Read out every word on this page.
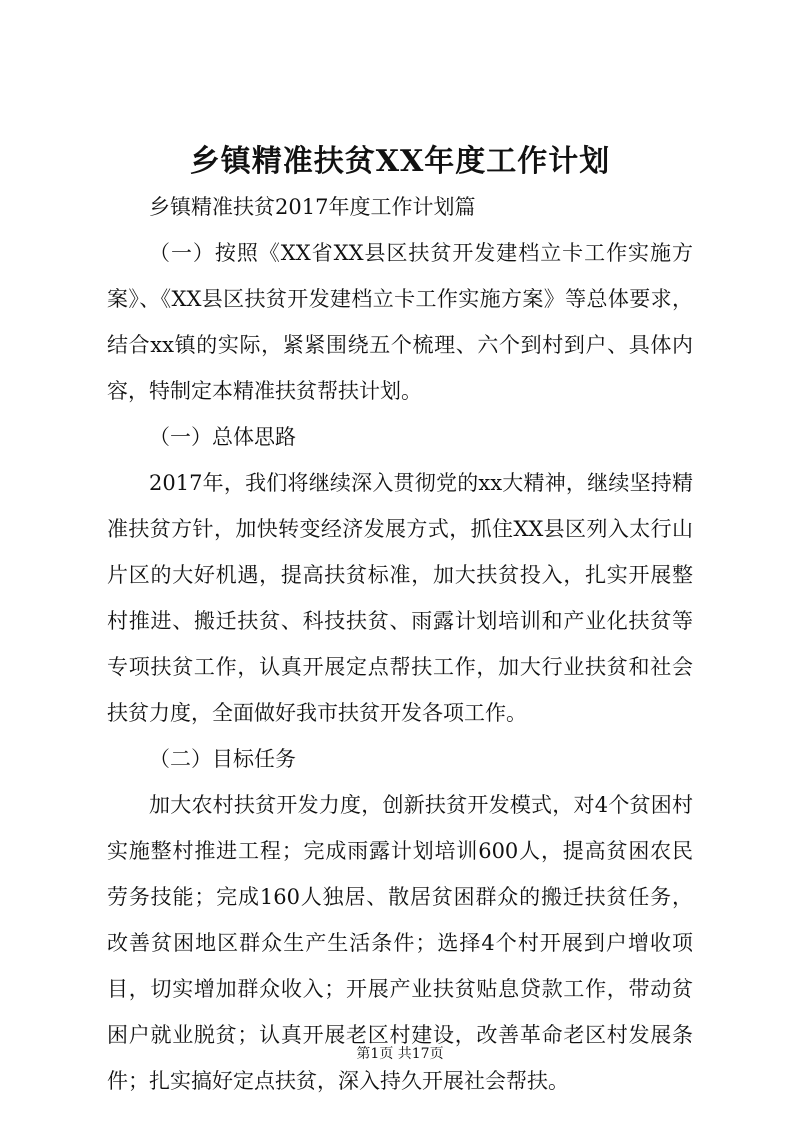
乡镇精准扶贫XX年度工作计划

乡镇精准扶贫2017年度工作计划篇

（一）按照《XX省XX县区扶贫开发建档立卡工作实施方案》、《XX县区扶贫开发建档立卡工作实施方案》等总体要求，结合xx镇的实际，紧紧围绕五个梳理、六个到村到户、具体内容，特制定本精准扶贫帮扶计划。

（一）总体思路

2017年，我们将继续深入贯彻党的xx大精神，继续坚持精准扶贫方针，加快转变经济发展方式，抓住XX县区列入太行山片区的大好机遇，提高扶贫标准，加大扶贫投入，扎实开展整村推进、搬迁扶贫、科技扶贫、雨露计划培训和产业化扶贫等专项扶贫工作，认真开展定点帮扶工作，加大行业扶贫和社会扶贫力度，全面做好我市扶贫开发各项工作。

（二）目标任务

加大农村扶贫开发力度，创新扶贫开发模式，对4个贫困村实施整村推进工程；完成雨露计划培训600人，提高贫困农民劳务技能；完成160人独居、散居贫困群众的搬迁扶贫任务，改善贫困地区群众生产生活条件；选择4个村开展到户增收项目，切实增加群众收入；开展产业扶贫贴息贷款工作，带动贫困户就业脱贫；认真开展老区村建设，改善革命老区村发展条件；扎实搞好定点扶贫，深入持久开展社会帮扶。

第1页 共17页
